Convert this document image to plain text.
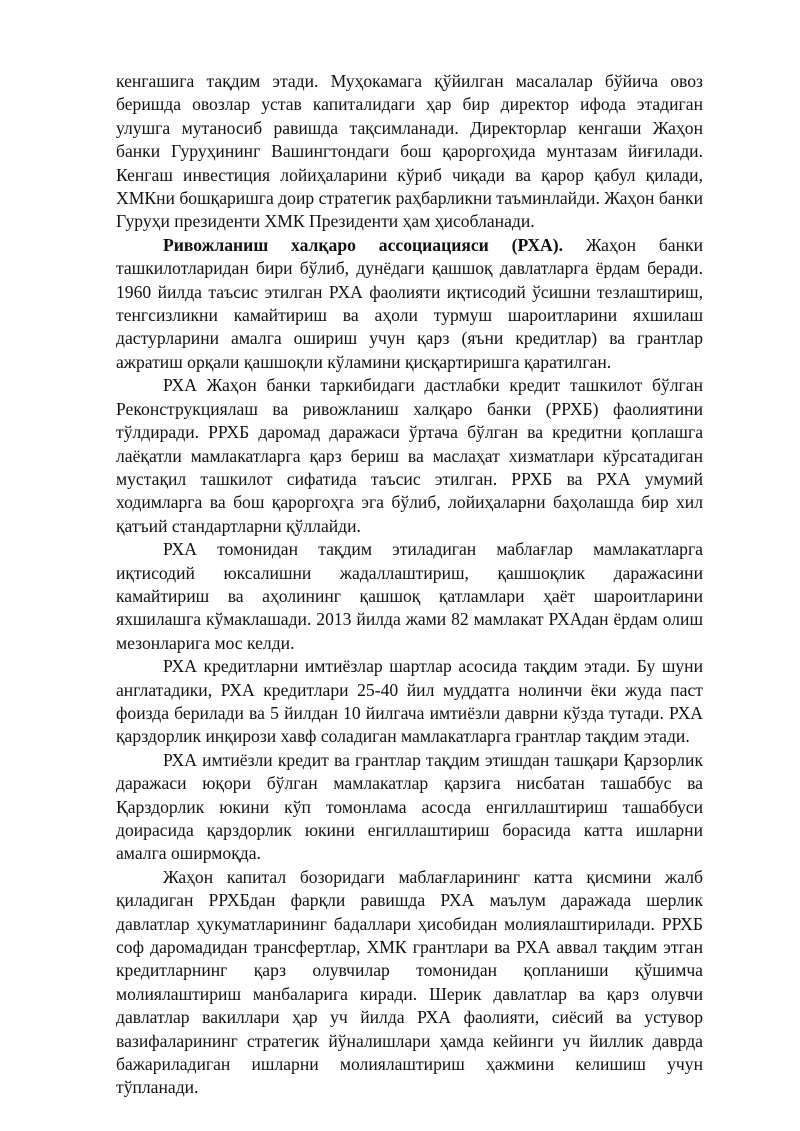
кенгашига тақдим этади. Муҳокамага қўйилган масалалар бўйича овоз беришда овозлар устав капиталидаги ҳар бир директор ифода этадиган улушга мутаносиб равишда тақсимланади. Директорлар кенгаши Жаҳон банки Гуруҳининг Вашингтондаги бош қароргоҳида мунтазам йиғилади. Кенгаш инвестиция лойиҳаларини кўриб чиқади ва қарор қабул қилади, ХМКни бошқаришга доир стратегик раҳбарликни таъминлайди. Жаҳон банки Гуруҳи президенти ХМК Президенти ҳам ҳисобланади.

Ривожланиш халқаро ассоциацияси (РХА). Жаҳон банки ташкилотларидан бири бўлиб, дунёдаги қашшоқ давлатларга ёрдам беради. 1960 йилда таъсис этилган РХА фаолияти иқтисодий ўсишни тезлаштириш, тенгсизликни камайтириш ва аҳоли турмуш шароитларини яхшилаш дастурларини амалга ошириш учун қарз (яъни кредитлар) ва грантлар ажратиш орқали қашшоқли кўламини қисқартиришга қаратилган.

РХА Жаҳон банки таркибидаги дастлабки кредит ташкилот бўлган Реконструкциялаш ва ривожланиш халқаро банки (РРХБ) фаолиятини тўлдиради. РРХБ даромад даражаси ўртача бўлган ва кредитни қоплашга лаёқатли мамлакатларга қарз бериш ва маслаҳат хизматлари кўрсатадиган мустақил ташкилот сифатида таъсис этилган. РРХБ ва РХА умумий ходимларга ва бош қароргоҳга эга бўлиб, лойиҳаларни баҳолашда бир хил қатъий стандартларни қўллайди.

РХА томонидан тақдим этиладиган маблағлар мамлакатларга иқтисодий юксалишни жадаллаштириш, қашшоқлик даражасини камайтириш ва аҳолининг қашшоқ қатламлари ҳаёт шароитларини яхшилашга кўмаклашади. 2013 йилда жами 82 мамлакат РХАдан ёрдам олиш мезонларига мос келди.

РХА кредитларни имтиёзлар шартлар асосида тақдим этади. Бу шуни англатадики, РХА кредитлари 25-40 йил муддатга нолинчи ёки жуда паст фоизда берилади ва 5 йилдан 10 йилгача имтиёзли даврни кўзда тутади. РХА қарздорлик инқирози хавф соладиган мамлакатларга грантлар тақдим этади.

РХА имтиёзли кредит ва грантлар тақдим этишдан ташқари Қарзорлик даражаси юқори бўлган мамлакатлар қарзига нисбатан ташаббус ва Қарздорлик юкини кўп томонлама асосда енгиллаштириш ташаббуси доирасида қарздорлик юкини енгиллаштириш борасида катта ишларни амалга оширмоқда.

Жаҳон капитал бозоридаги маблағларининг катта қисмини жалб қиладиган РРХБдан фарқли равишда РХА маълум даражада шерлик давлатлар ҳукуматларининг бадаллари ҳисобидан молиялаштирилади. РРХБ соф даромадидан трансфертлар, ХМК грантлари ва РХА аввал тақдим этган кредитларнинг қарз олувчилар томонидан қопланиши қўшимча молиялаштириш манбаларига киради. Шерик давлатлар ва қарз олувчи давлатлар вакиллари ҳар уч йилда РХА фаолияти, сиёсий ва устувор вазифаларининг стратегик йўналишлари ҳамда кейинги уч йиллик даврда бажариладиган ишларни молиялаштириш ҳажмини келишиш учун тўпланади.
